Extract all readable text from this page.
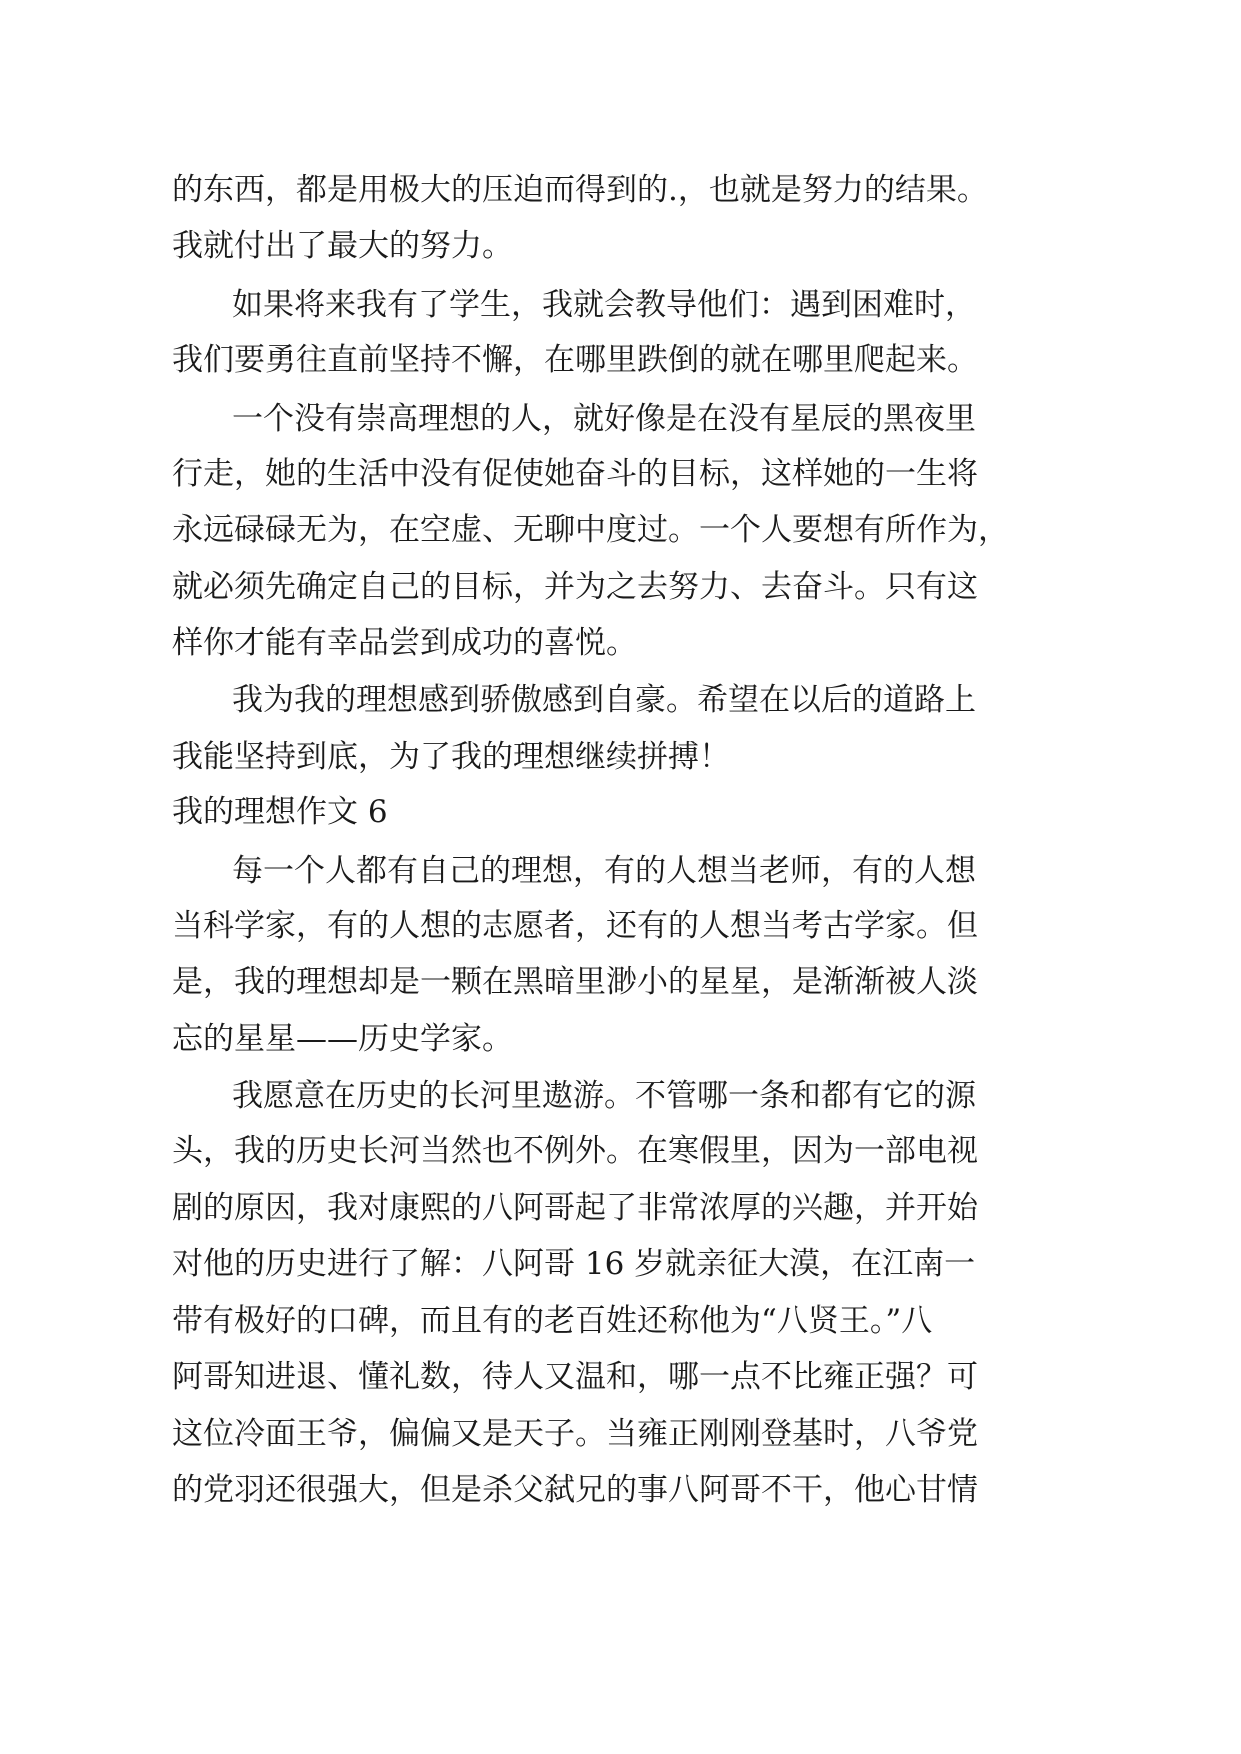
的东西，都是用极大的压迫而得到的.，也就是努力的结果。
我就付出了最大的努力。
如果将来我有了学生，我就会教导他们：遇到困难时，
我们要勇往直前坚持不懈，在哪里跌倒的就在哪里爬起来。
一个没有崇高理想的人，就好像是在没有星辰的黑夜里
行走，她的生活中没有促使她奋斗的目标，这样她的一生将
永远碌碌无为，在空虚、无聊中度过。一个人要想有所作为，
就必须先确定自己的目标，并为之去努力、去奋斗。只有这
样你才能有幸品尝到成功的喜悦。
我为我的理想感到骄傲感到自豪。希望在以后的道路上
我能坚持到底，为了我的理想继续拼搏！
我的理想作文 6
每一个人都有自己的理想，有的人想当老师，有的人想
当科学家，有的人想的志愿者，还有的人想当考古学家。但
是，我的理想却是一颗在黑暗里渺小的星星，是渐渐被人淡
忘的星星——历史学家。
我愿意在历史的长河里遨游。不管哪一条和都有它的源
头，我的历史长河当然也不例外。在寒假里，因为一部电视
剧的原因，我对康熙的八阿哥起了非常浓厚的兴趣，并开始
对他的历史进行了解：八阿哥 16 岁就亲征大漠，在江南一
带有极好的口碑，而且有的老百姓还称他为“八贤王。”八
阿哥知进退、懂礼数，待人又温和，哪一点不比雍正强？可
这位冷面王爷，偏偏又是天子。当雍正刚刚登基时，八爷党
的党羽还很强大，但是杀父弑兄的事八阿哥不干，他心甘情
